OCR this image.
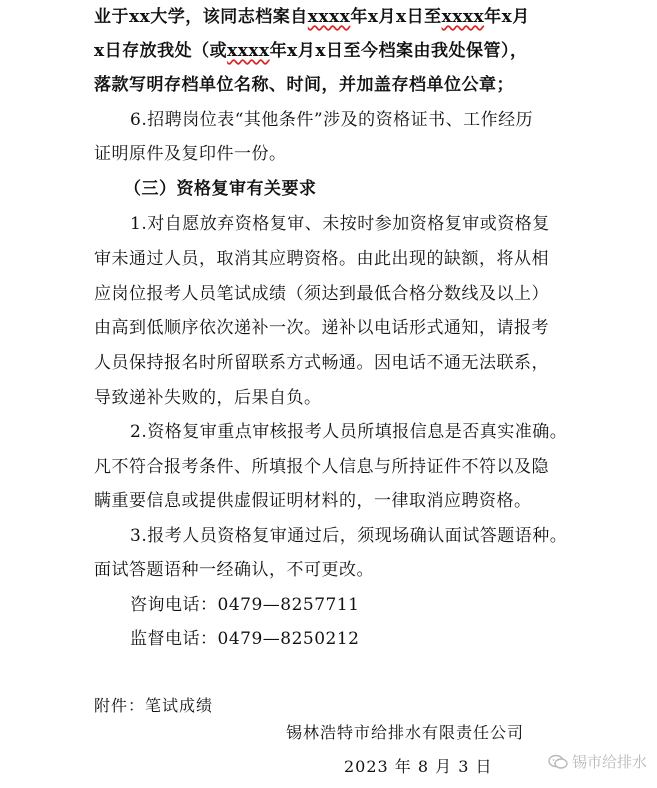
业于xx大学，该同志档案自xxxx年x月x日至xxxx年x月
x日存放我处（或xxxx年x月x日至今档案由我处保管），
落款写明存档单位名称、时间，并加盖存档单位公章；
6.招聘岗位表“其他条件”涉及的资格证书、工作经历
证明原件及复印件一份。
（三）资格复审有关要求
1.对自愿放弃资格复审、未按时参加资格复审或资格复
审未通过人员，取消其应聘资格。由此出现的缺额，将从相
应岗位报考人员笔试成绩（须达到最低合格分数线及以上）
由高到低顺序依次递补一次。递补以电话形式通知，请报考
人员保持报名时所留联系方式畅通。因电话不通无法联系，
导致递补失败的，后果自负。
2.资格复审重点审核报考人员所填报信息是否真实准确。
凡不符合报考条件、所填报个人信息与所持证件不符以及隐
瞒重要信息或提供虚假证明材料的，一律取消应聘资格。
3.报考人员资格复审通过后，须现场确认面试答题语种。
面试答题语种一经确认，不可更改。
咨询电话：0479—8257711
监督电话：0479—8250212
附件：笔试成绩
锡林浩特市给排水有限责任公司
2023 年 8 月 3 日	锡市给排水
